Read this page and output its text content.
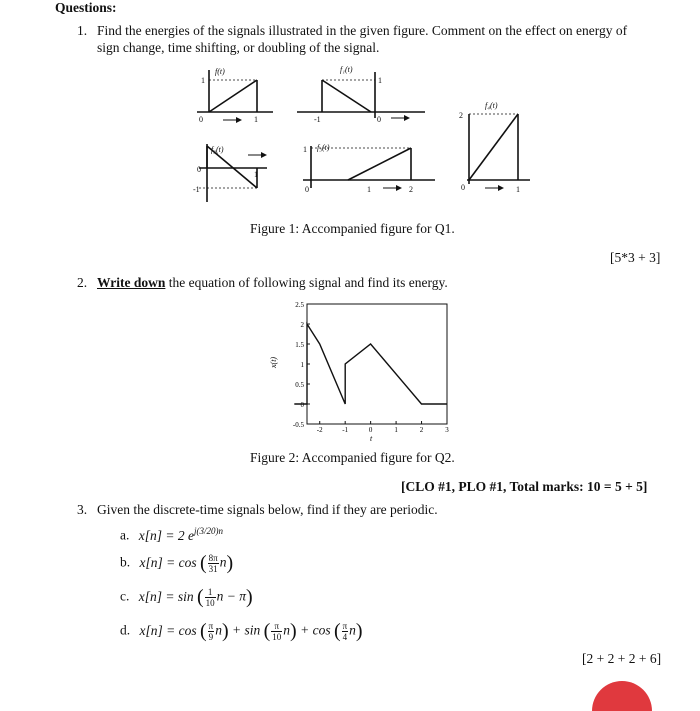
Questions:
1. Find the energies of the signals illustrated in the given figure. Comment on the effect on energy of
sign change, time shifting, or doubling of the signal.
f(t)
1
0	1
f₁(t)
1
-1	0
f₂(t)
0
-1
1
f₃(t)
1
0	1	2
f₄(t)
2
0	1
Figure 1: Accompanied figure for Q1.
[5*3 + 3]
2. Write down the equation of following signal and find its energy.
-0.5
0
0.5
1
1.5
2
2.5
-2	-1	0	1	2	3
x(t)
t
Figure 2: Accompanied figure for Q2.
[CLO #1, PLO #1, Total marks: 10 = 5 + 5]
3. Given the discrete-time signals below, find if they are periodic.
a. x[n] = 2 $e^{j(3/20)n}$
b. x[n] = cos ( $\frac{8\pi}{31} n$)
c. x[n] = sin ( $\frac{1}{10}$ n − π)
d. x[n] = cos ( $\frac{\pi}{9} n) + \sin$ ( $\frac{\pi}{10} n) + \cos$ ( $\frac{\pi}{4} n$)
[2 + 2 + 2 + 6]
